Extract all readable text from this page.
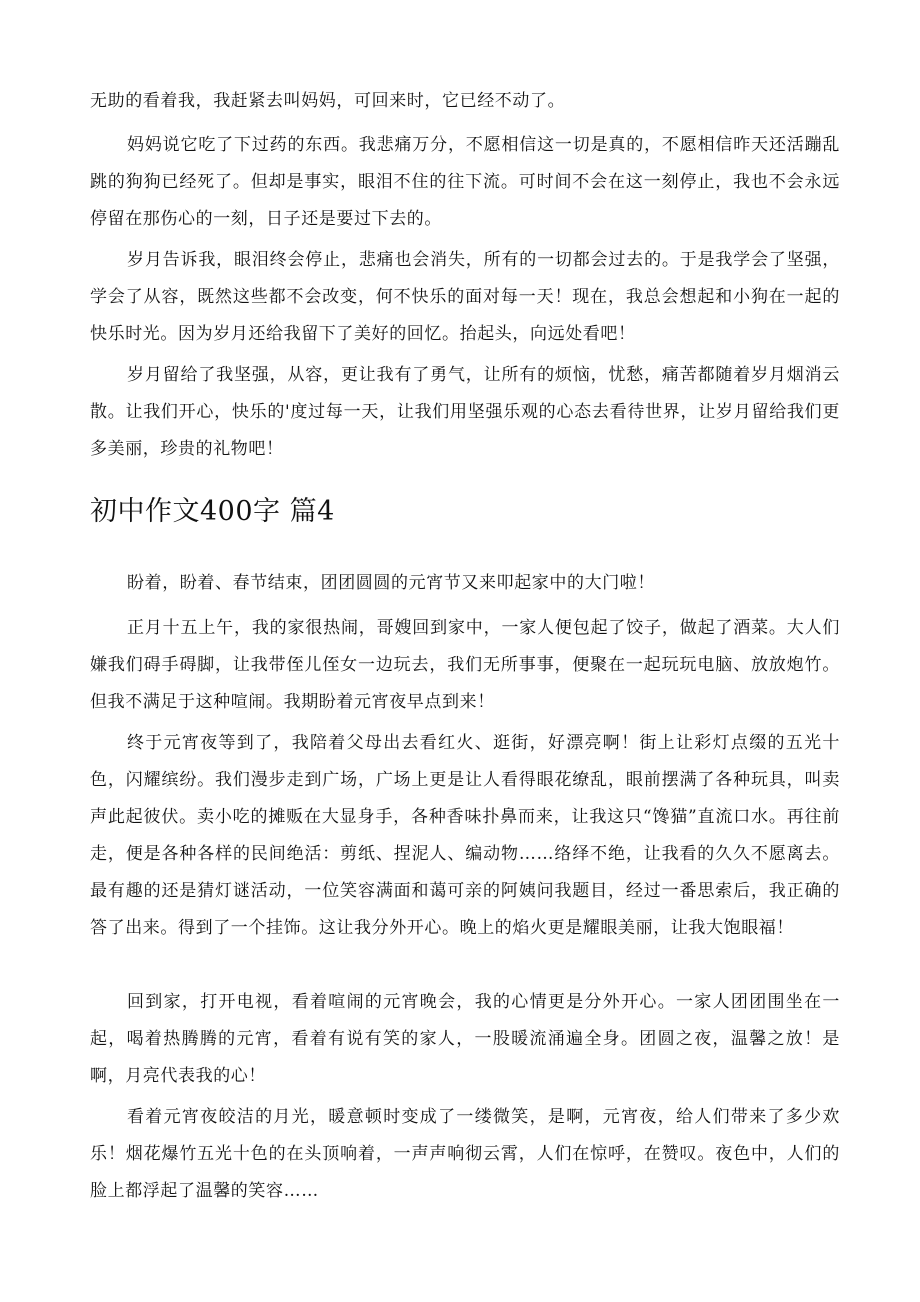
无助的看着我，我赶紧去叫妈妈，可回来时，它已经不动了。

妈妈说它吃了下过药的东西。我悲痛万分，不愿相信这一切是真的，不愿相信昨天还活蹦乱跳的狗狗已经死了。但却是事实，眼泪不住的往下流。可时间不会在这一刻停止，我也不会永远停留在那伤心的一刻，日子还是要过下去的。

岁月告诉我，眼泪终会停止，悲痛也会消失，所有的一切都会过去的。于是我学会了坚强，学会了从容，既然这些都不会改变，何不快乐的面对每一天！现在，我总会想起和小狗在一起的快乐时光。因为岁月还给我留下了美好的回忆。抬起头，向远处看吧！

岁月留给了我坚强，从容，更让我有了勇气，让所有的烦恼，忧愁，痛苦都随着岁月烟消云散。让我们开心，快乐的'度过每一天，让我们用坚强乐观的心态去看待世界，让岁月留给我们更多美丽，珍贵的礼物吧！

初中作文400字 篇4

盼着，盼着、春节结束，团团圆圆的元宵节又来叩起家中的大门啦！

正月十五上午，我的家很热闹，哥嫂回到家中，一家人便包起了饺子，做起了酒菜。大人们嫌我们碍手碍脚，让我带侄儿侄女一边玩去，我们无所事事，便聚在一起玩玩电脑、放放炮竹。但我不满足于这种喧闹。我期盼着元宵夜早点到来！

终于元宵夜等到了，我陪着父母出去看红火、逛街，好漂亮啊！街上让彩灯点缀的五光十色，闪耀缤纷。我们漫步走到广场，广场上更是让人看得眼花缭乱，眼前摆满了各种玩具，叫卖声此起彼伏。卖小吃的摊贩在大显身手，各种香味扑鼻而来，让我这只“馋猫”直流口水。再往前走，便是各种各样的民间绝活：剪纸、捏泥人、编动物……络绎不绝，让我看的久久不愿离去。最有趣的还是猜灯谜活动，一位笑容满面和蔼可亲的阿姨问我题目，经过一番思索后，我正确的答了出来。得到了一个挂饰。这让我分外开心。晚上的焰火更是耀眼美丽，让我大饱眼福！

回到家，打开电视，看着喧闹的元宵晚会，我的心情更是分外开心。一家人团团围坐在一起，喝着热腾腾的元宵，看着有说有笑的家人，一股暖流涌遍全身。团圆之夜，温馨之放！是啊，月亮代表我的心！

看着元宵夜皎洁的月光，暖意顿时变成了一缕微笑，是啊，元宵夜，给人们带来了多少欢乐！烟花爆竹五光十色的在头顶响着，一声声响彻云霄，人们在惊呼，在赞叹。夜色中，人们的脸上都浮起了温馨的笑容……
